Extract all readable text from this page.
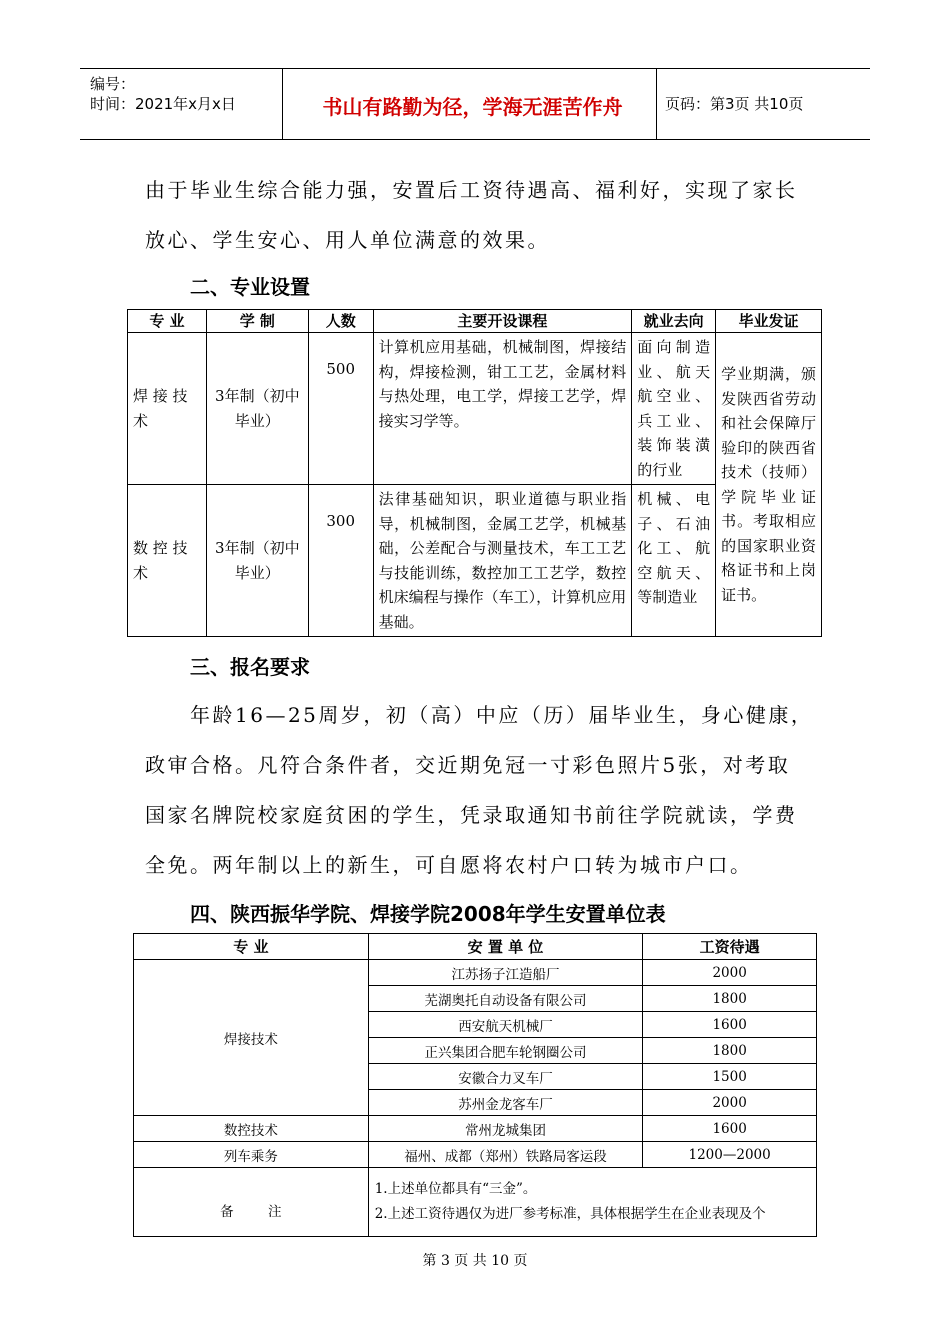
编号：
时间：2021年x月x日	书山有路勤为径，学海无涯苦作舟	页码：第3页 共10页
由于毕业生综合能力强，安置后工资待遇高、福利好，实现了家长
放心、学生安心、用人单位满意的效果。
二、专业设置
专 业	学 制	人数	主要开设课程	就业去向	毕业发证
焊 接 技 术	3年制（初中毕业）	500	计算机应用基础，机械制图，焊接结构，焊接检测，钳工工艺，金属材料与热处理，电工学，焊接工艺学，焊接实习学等。	面向制造业、航天航空业、兵工业、装饰装潢的行业	学业期满，颁发陕西省劳动和社会保障厅验印的陕西省技术（技师）学院毕业证书。考取相应的国家职业资格证书和上岗证书。
数 控 技 术	3年制（初中毕业）	300	法律基础知识，职业道德与职业指导，机械制图，金属工艺学，机械基础，公差配合与测量技术，车工工艺与技能训练，数控加工工艺学，数控机床编程与操作（车工），计算机应用基础。	机械、电子、石油化工、航空航天、等制造业	
三、报名要求
年龄16—25周岁，初（高）中应（历）届毕业生，身心健康，
政审合格。凡符合条件者，交近期免冠一寸彩色照片5张，对考取
国家名牌院校家庭贫困的学生，凭录取通知书前往学院就读，学费
全免。两年制以上的新生，可自愿将农村户口转为城市户口。
四、陕西振华学院、焊接学院2008年学生安置单位表
专 业	安 置 单 位	工资待遇
焊接技术	江苏扬子江造船厂	2000
	芜湖奥托自动设备有限公司	1800
	西安航天机械厂	1600
	正兴集团合肥车轮钢圈公司	1800
	安徽合力叉车厂	1500
	苏州金龙客车厂	2000
数控技术	常州龙城集团	1600
列车乘务	福州、成都（郑州）铁路局客运段	1200—2000
备        注	1.上述单位都具有“三金”。
2.上述工资待遇仅为进厂参考标准，具体根据学生在企业表现及个	
第 3 页 共 10 页
